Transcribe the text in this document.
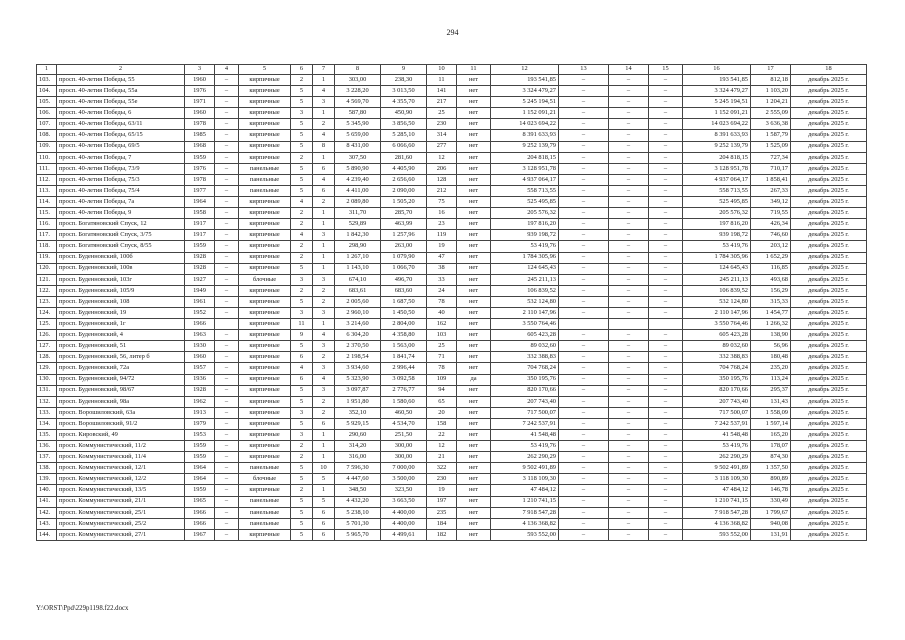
294
1	2	3	4	5	6	7	8	9	10	11	12	13	14	15	16	17	18
103.	просп. 40-летия Победы, 55	1960	–	кирпичные	2	1	303,00	238,30	11	нет	193 541,85	–	–	–	193 541,85	812,18	декабрь 2025 г.
104.	просп. 40-летия Победы, 55а	1976	–	кирпичные	5	4	3 228,20	3 013,50	141	нет	3 324 479,27	–	–	–	3 324 479,27	1 103,20	декабрь 2025 г.
105.	просп. 40-летия Победы, 55е	1971	–	кирпичные	5	3	4 569,70	4 355,70	217	нет	5 245 194,51	–	–	–	5 245 194,51	1 204,21	декабрь 2025 г.
106.	просп. 40-летия Победы, 6	1960	–	кирпичные	3	1	587,80	450,90	25	нет	1 152 091,21	–	–	–	1 152 091,21	2 555,09	декабрь 2025 г.
107.	просп. 40-летия Победы, 63/11	1978	–	кирпичные	5	2	5 345,90	3 856,50	230	нет	14 023 694,22	–	–	–	14 023 694,22	3 636,38	декабрь 2025 г.
108.	просп. 40-летия Победы, 65/15	1985	–	кирпичные	5	4	5 659,00	5 285,10	314	нет	8 391 633,93	–	–	–	8 391 633,93	1 587,79	декабрь 2025 г.
109.	просп. 40-летия Победы, 69/5	1968	–	кирпичные	5	8	8 431,00	6 066,60	277	нет	9 252 139,79	–	–	–	9 252 139,79	1 525,09	декабрь 2025 г.
110.	просп. 40-летия Победы, 7	1959	–	кирпичные	2	1	307,50	281,60	12	нет	204 818,15	–	–	–	204 818,15	727,34	декабрь 2025 г.
111.	просп. 40-летия Победы, 73/9	1976	–	панельные	5	6	5 890,90	4 405,90	206	нет	3 128 951,78	–	–	–	3 128 951,78	710,17	декабрь 2025 г.
112.	просп. 40-летия Победы, 75/3	1978	–	панельные	5	4	4 239,40	2 656,60	128	нет	4 937 064,17	–	–	–	4 937 064,17	1 858,41	декабрь 2025 г.
113.	просп. 40-летия Победы, 75/4	1977	–	панельные	5	6	4 411,00	2 090,00	212	нет	558 713,55	–	–	–	558 713,55	267,33	декабрь 2025 г.
114.	просп. 40-летия Победы, 7а	1964	–	кирпичные	4	2	2 089,80	1 505,20	75	нет	525 495,85	–	–	–	525 495,85	349,12	декабрь 2025 г.
115.	просп. 40-летия Победы, 9	1958	–	кирпичные	2	1	311,70	285,70	16	нет	205 576,32	–	–	–	205 576,32	719,55	декабрь 2025 г.
116.	просп. Богатяновский Спуск, 12	1917	–	кирпичные	2	1	529,89	463,99	23	нет	197 816,20	–	–	–	197 816,20	426,34	декабрь 2025 г.
117.	просп. Богатяновский Спуск, 3/75	1917	–	кирпичные	4	3	1 842,30	1 257,96	119	нет	939 198,72	–	–	–	939 198,72	746,60	декабрь 2025 г.
118.	просп. Богатяновский Спуск, 8/55	1959	–	кирпичные	2	1	298,90	263,00	19	нет	53 419,76	–	–	–	53 419,76	203,12	декабрь 2025 г.
119.	просп. Буденновский, 100б	1928	–	кирпичные	2	1	1 267,10	1 079,90	47	нет	1 784 305,96	–	–	–	1 784 305,96	1 652,29	декабрь 2025 г.
120.	просп. Буденновский, 100в	1928	–	кирпичные	5	1	1 143,10	1 066,70	38	нет	124 645,43	–	–	–	124 645,43	116,85	декабрь 2025 г.
121.	просп. Буденновский, 103г	1927	–	блочные	3	3	674,10	496,70	33	нет	245 211,13	–	–	–	245 211,13	493,68	декабрь 2025 г.
122.	просп. Буденновский, 105/9	1949	–	кирпичные	2	2	683,61	683,60	24	нет	106 839,52	–	–	–	106 839,52	156,29	декабрь 2025 г.
123.	просп. Буденновский, 108	1961	–	кирпичные	5	2	2 005,60	1 687,50	78	нет	532 124,80	–	–	–	532 124,80	315,33	декабрь 2025 г.
124.	просп. Буденновский, 19	1952	–	кирпичные	3	3	2 960,10	1 450,50	40	нет	2 110 147,96	–	–	–	2 110 147,96	1 454,77	декабрь 2025 г.
125.	просп. Буденновский, 1г	1966		кирпичные	11	1	3 214,60	2 804,00	162	нет	3 550 764,46				3 550 764,46	1 266,32	декабрь 2025 г.
126.	просп. Буденновский, 4	1963	–	кирпичные	9	4	6 304,20	4 358,80	103	нет	605 423,28	–	–	–	605 423,28	138,90	декабрь 2025 г.
127.	просп. Буденновский, 51	1930	–	кирпичные	5	3	2 370,50	1 563,00	25	нет	89 032,60	–	–	–	89 032,60	56,96	декабрь 2025 г.
128.	просп. Буденновский, 56, литер б	1960	–	кирпичные	6	2	2 198,54	1 841,74	71	нет	332 388,83	–	–	–	332 388,83	180,48	декабрь 2025 г.
129.	просп. Буденновский, 72а	1957	–	кирпичные	4	3	3 934,60	2 996,44	78	нет	704 768,24	–	–	–	704 768,24	235,20	декабрь 2025 г.
130.	просп. Буденновский, 94/72	1936	–	кирпичные	6	4	5 323,90	3 092,58	109	да	350 195,76	–	–	–	350 195,76	113,24	декабрь 2025 г.
131.	просп. Буденновский, 98/67	1928	–	кирпичные	5	3	3 097,87	2 776,77	94	нет	820 170,66	–	–	–	820 170,66	295,37	декабрь 2025 г.
132.	просп. Буденновский, 98а	1962	–	кирпичные	5	2	1 951,80	1 580,60	65	нет	207 743,40	–	–	–	207 743,40	131,43	декабрь 2025 г.
133.	просп. Ворошиловский, 63а	1913	–	кирпичные	3	2	352,10	460,50	20	нет	717 500,07	–	–	–	717 500,07	1 558,09	декабрь 2025 г.
134.	просп. Ворошиловский, 91/2	1979	–	кирпичные	5	6	5 929,15	4 534,70	158	нет	7 242 537,91	–	–	–	7 242 537,91	1 597,14	декабрь 2025 г.
135.	просп. Кировский, 49	1953	–	кирпичные	3	1	290,60	251,50	22	нет	41 548,48	–	–	–	41 548,48	165,20	декабрь 2025 г.
136.	просп. Коммунистический, 11/2	1959	–	кирпичные	2	1	314,20	300,00	12	нет	53 419,76	–	–	–	53 419,76	178,07	декабрь 2025 г.
137.	просп. Коммунистический, 11/4	1959	–	кирпичные	2	1	316,00	300,00	21	нет	262 290,29	–	–	–	262 290,29	874,30	декабрь 2025 г.
138.	просп. Коммунистический, 12/1	1964	–	панельные	5	10	7 596,30	7 000,00	322	нет	9 502 491,89	–	–	–	9 502 491,89	1 357,50	декабрь 2025 г.
139.	просп. Коммунистический, 12/2	1964	–	блочные	5	5	4 447,60	3 500,00	230	нет	3 118 109,30	–	–	–	3 118 109,30	890,89	декабрь 2025 г.
140.	просп. Коммунистический, 13/5	1959	–	кирпичные	2	1	348,50	323,50	19	нет	47 484,12	–	–	–	47 484,12	146,78	декабрь 2025 г.
141.	просп. Коммунистический, 21/1	1965	–	панельные	5	5	4 432,20	3 663,50	197	нет	1 210 741,15	–	–	–	1 210 741,15	330,49	декабрь 2025 г.
142.	просп. Коммунистический, 25/1	1966	–	панельные	5	6	5 238,10	4 400,00	235	нет	7 918 547,28	–	–	–	7 918 547,28	1 799,67	декабрь 2025 г.
143.	просп. Коммунистический, 25/2	1966	–	панельные	5	6	5 701,30	4 400,00	184	нет	4 136 368,82	–	–	–	4 136 368,82	940,08	декабрь 2025 г.
144.	просп. Коммунистический, 27/1	1967	–	кирпичные	5	6	5 965,70	4 499,61	182	нет	593 552,00	–	–	–	593 552,00	131,91	декабрь 2025 г.
Y:\ORST\Ppd\229p1198.f22.docx
